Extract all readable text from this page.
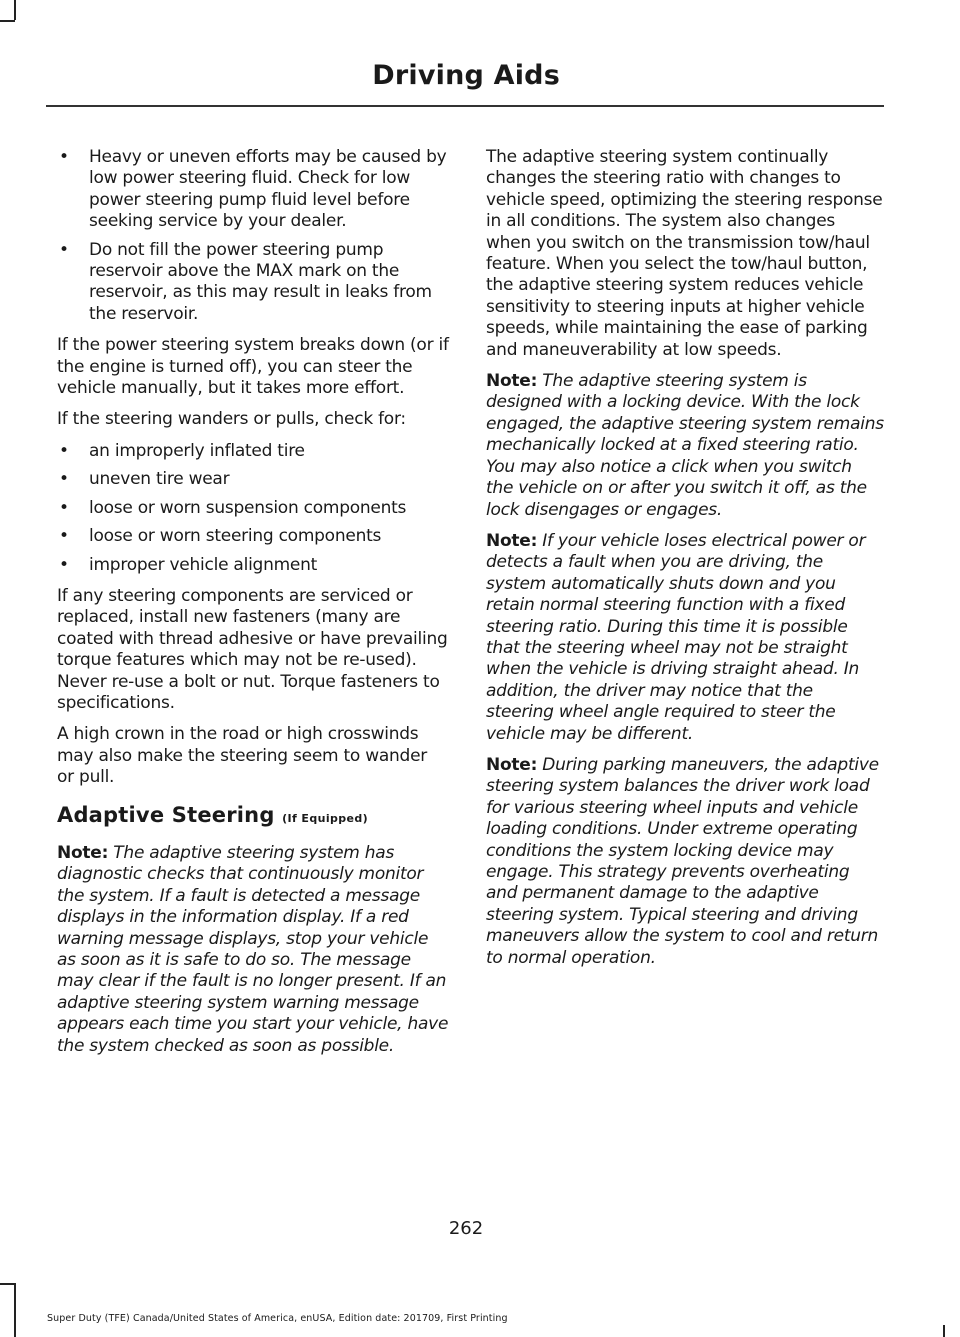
Driving Aids
• Heavy or uneven efforts may be caused by low power steering fluid. Check for low power steering pump fluid level before seeking service by your dealer.
• Do not fill the power steering pump reservoir above the MAX mark on the reservoir, as this may result in leaks from the reservoir.

If the power steering system breaks down (or if the engine is turned off), you can steer the vehicle manually, but it takes more effort.

If the steering wanders or pulls, check for:

• an improperly inflated tire
• uneven tire wear
• loose or worn suspension components
• loose or worn steering components
• improper vehicle alignment

If any steering components are serviced or replaced, install new fasteners (many are coated with thread adhesive or have prevailing torque features which may not be re-used). Never re-use a bolt or nut. Torque fasteners to specifications.

A high crown in the road or high crosswinds may also make the steering seem to wander or pull.

Adaptive Steering (If Equipped)

Note: The adaptive steering system has diagnostic checks that continuously monitor the system. If a fault is detected a message displays in the information display. If a red warning message displays, stop your vehicle as soon as it is safe to do so. The message may clear if the fault is no longer present. If an adaptive steering system warning message appears each time you start your vehicle, have the system checked as soon as possible.

The adaptive steering system continually changes the steering ratio with changes to vehicle speed, optimizing the steering response in all conditions. The system also changes when you switch on the transmission tow/haul feature. When you select the tow/haul button, the adaptive steering system reduces vehicle sensitivity to steering inputs at higher vehicle speeds, while maintaining the ease of parking and maneuverability at low speeds.

Note: The adaptive steering system is designed with a locking device. With the lock engaged, the adaptive steering system remains mechanically locked at a fixed steering ratio. You may also notice a click when you switch the vehicle on or after you switch it off, as the lock disengages or engages.

Note: If your vehicle loses electrical power or detects a fault when you are driving, the system automatically shuts down and you retain normal steering function with a fixed steering ratio. During this time it is possible that the steering wheel may not be straight when the vehicle is driving straight ahead. In addition, the driver may notice that the steering wheel angle required to steer the vehicle may be different.

Note: During parking maneuvers, the adaptive steering system balances the driver work load for various steering wheel inputs and vehicle loading conditions. Under extreme operating conditions the system locking device may engage. This strategy prevents overheating and permanent damage to the adaptive steering system. Typical steering and driving maneuvers allow the system to cool and return to normal operation.

262
Super Duty (TFE) Canada/United States of America, enUSA, Edition date: 201709, First Printing
